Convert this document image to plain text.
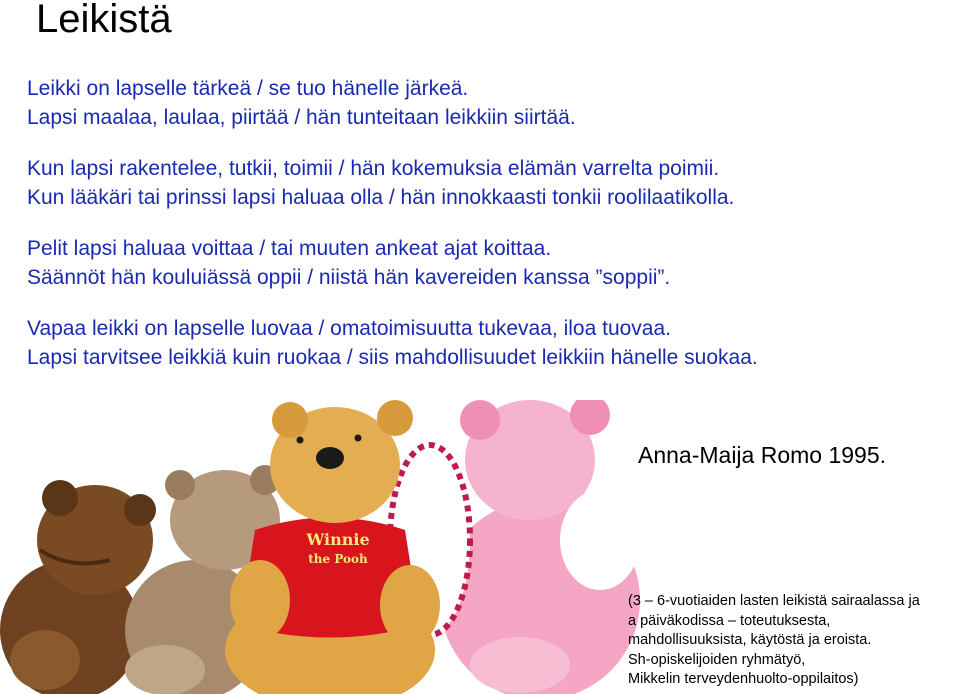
Leikistä

Leikki on lapselle tärkeä / se tuo hänelle järkeä.
Lapsi maalaa, laulaa, piirtää / hän tunteitaan leikkiin siirtää.

Kun lapsi rakentelee, tutkii, toimii / hän kokemuksia elämän varrelta poimii.
Kun lääkäri tai prinssi lapsi haluaa olla / hän innokkaasti tonkii roolilaatikolla.

Pelit lapsi haluaa voittaa / tai muuten ankeat ajat koittaa.
Säännöt hän kouluiässä oppii / niistä hän kavereiden kanssa ”soppii”.

Vapaa leikki on lapselle luovaa / omatoimisuutta tukevaa, iloa tuovaa.
Lapsi tarvitsee leikkiä kuin ruokaa / siis mahdollisuudet leikkiin hänelle suokaa.

Winnie
the Pooh
Anna-Maija Romo 1995.
(3 – 6-vuotiaiden lasten leikistä sairaalassa ja
a päiväkodissa – toteutuksesta,
mahdollisuuksista, käytöstä ja eroista.
Sh-opiskelijoiden ryhmätyö,
Mikkelin terveydenhuolto-oppilaitos)
